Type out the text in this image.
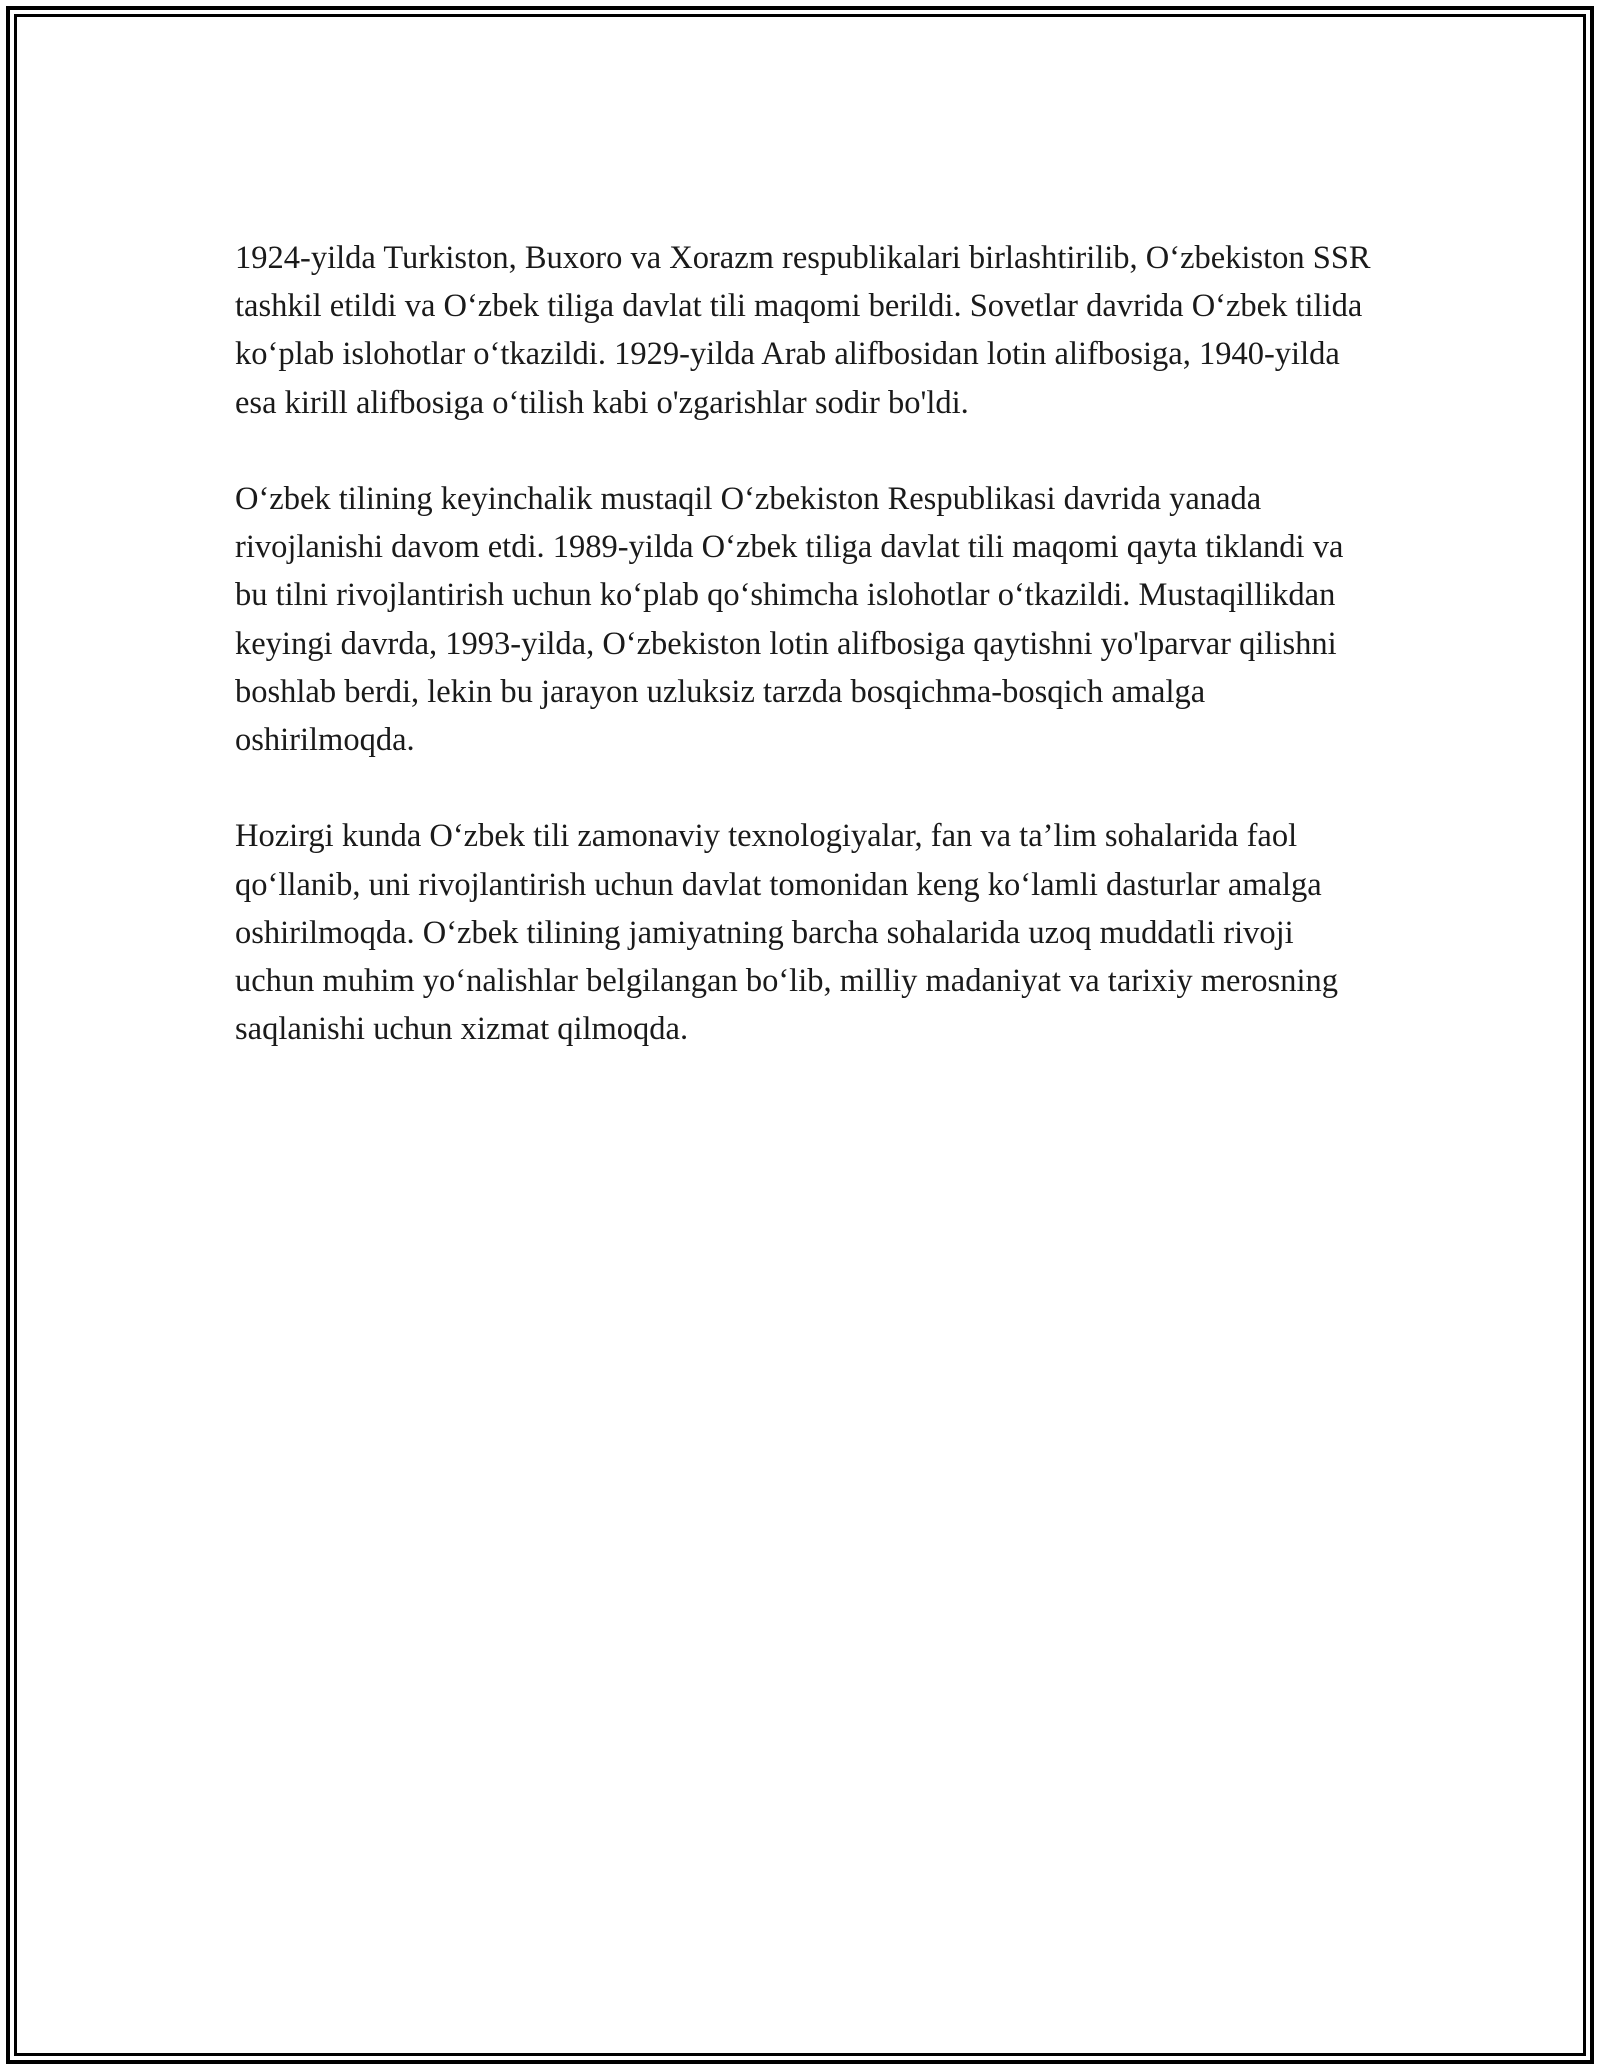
1924-yilda Turkiston, Buxoro va Xorazm respublikalari birlashtirilib, O‘zbekiston SSR tashkil etildi va O‘zbek tiliga davlat tili maqomi berildi. Sovetlar davrida O‘zbek tilida ko‘plab islohotlar o‘tkazildi. 1929-yilda Arab alifbosidan lotin alifbosiga, 1940-yilda esa kirill alifbosiga o‘tilish kabi o'zgarishlar sodir bo'ldi.

O‘zbek tilining keyinchalik mustaqil O‘zbekiston Respublikasi davrida yanada rivojlanishi davom etdi. 1989-yilda O‘zbek tiliga davlat tili maqomi qayta tiklandi va bu tilni rivojlantirish uchun ko‘plab qo‘shimcha islohotlar o‘tkazildi. Mustaqillikdan keyingi davrda, 1993-yilda, O‘zbekiston lotin alifbosiga qaytishni yo'lparvar qilishni boshlab berdi, lekin bu jarayon uzluksiz tarzda bosqichma-bosqich amalga oshirilmoqda.

Hozirgi kunda O‘zbek tili zamonaviy texnologiyalar, fan va ta’lim sohalarida faol qo‘llanib, uni rivojlantirish uchun davlat tomonidan keng ko‘lamli dasturlar amalga oshirilmoqda. O‘zbek tilining jamiyatning barcha sohalarida uzoq muddatli rivoji uchun muhim yo‘nalishlar belgilangan bo‘lib, milliy madaniyat va tarixiy merosning saqlanishi uchun xizmat qilmoqda.
